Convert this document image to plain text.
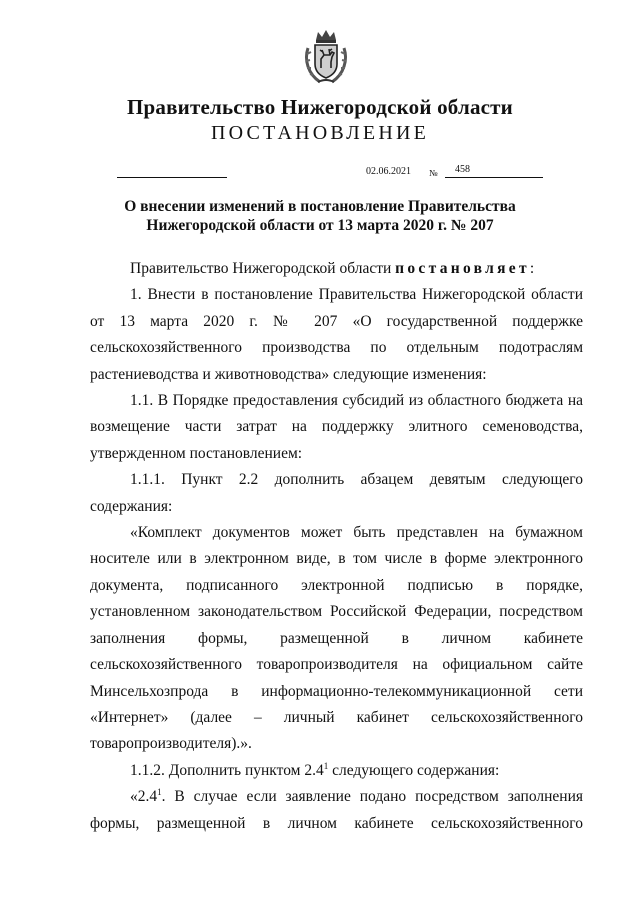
Правительство Нижегородской области
ПОСТАНОВЛЕНИЕ
02.06.2021 № 458
О внесении изменений в постановление Правительства Нижегородской области от 13 марта 2020 г. № 207

Правительство Нижегородской области постановляет:

1. Внести в постановление Правительства Нижегородской области от 13 марта 2020 г. № 207 «О государственной поддержке сельскохозяйственного производства по отдельным подотраслям растениеводства и животноводства» следующие изменения:

1.1. В Порядке предоставления субсидий из областного бюджета на возмещение части затрат на поддержку элитного семеноводства, утвержденном постановлением:

1.1.1. Пункт 2.2 дополнить абзацем девятым следующего содержания:

«Комплект документов может быть представлен на бумажном носителе или в электронном виде, в том числе в форме электронного документа, подписанного электронной подписью в порядке, установленном законодательством Российской Федерации, посредством заполнения формы, размещенной в личном кабинете сельскохозяйственного товаропроизводителя на официальном сайте Минсельхозпрода в информационно-телекоммуникационной сети «Интернет» (далее – личный кабинет сельскохозяйственного товаропроизводителя).».

1.1.2. Дополнить пунктом $2.4^1$ следующего содержания:

«$2.4^1$. В случае если заявление подано посредством заполнения формы, размещенной в личном кабинете сельскохозяйственного
